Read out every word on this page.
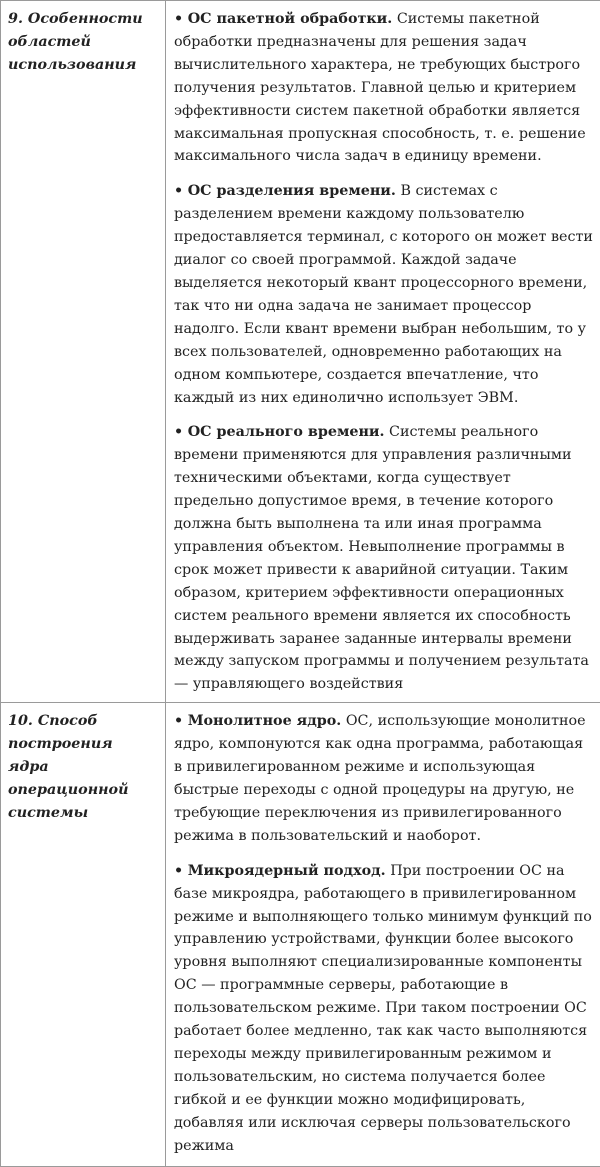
9. Особенности областей использования	• ОС пакетной обработки. Системы пакетной обработки предназначены для решения задач вычислительного характера, не требующих быстрого получения результатов. Главной целью и критерием эффективности систем пакетной обработки является максимальная пропускная способность, т. е. решение максимального числа задач в единицу времени.

• ОС разделения времени. В системах с разделением времени каждому пользователю предоставляется терминал, с которого он может вести диалог со своей программой. Каждой задаче выделяется некоторый квант процессорного времени, так что ни одна задача не занимает процессор надолго. Если квант времени выбран небольшим, то у всех пользователей, одновременно работающих на одном компьютере, создается впечатление, что каждый из них единолично использует ЭВМ.

• ОС реального времени. Системы реального времени применяются для управления различными техническими объектами, когда существует предельно допустимое время, в течение которого должна быть выполнена та или иная программа управления объектом. Невыполнение программы в срок может привести к аварийной ситуации. Таким образом, критерием эффективности операционных систем реального времени является их способность выдерживать заранее заданные интервалы времени между запуском программы и получением результата — управляющего воздействия

10. Способ построения ядра операционной системы	• Монолитное ядро. ОС, использующие монолитное ядро, компонуются как одна программа, работающая в привилегированном режиме и использующая быстрые переходы с одной процедуры на другую, не требующие переключения из привилегированного режима в пользовательский и наоборот.

• Микроядерный подход. При построении ОС на базе микроядра, работающего в привилегированном режиме и выполняющего только минимум функций по управлению устройствами, функции более высокого уровня выполняют специализированные компоненты ОС — программные серверы, работающие в пользовательском режиме. При таком построении ОС работает более медленно, так как часто выполняются переходы между привилегированным режимом и пользовательским, но система получается более гибкой и ее функции можно модифицировать, добавляя или исключая серверы пользовательского режима
